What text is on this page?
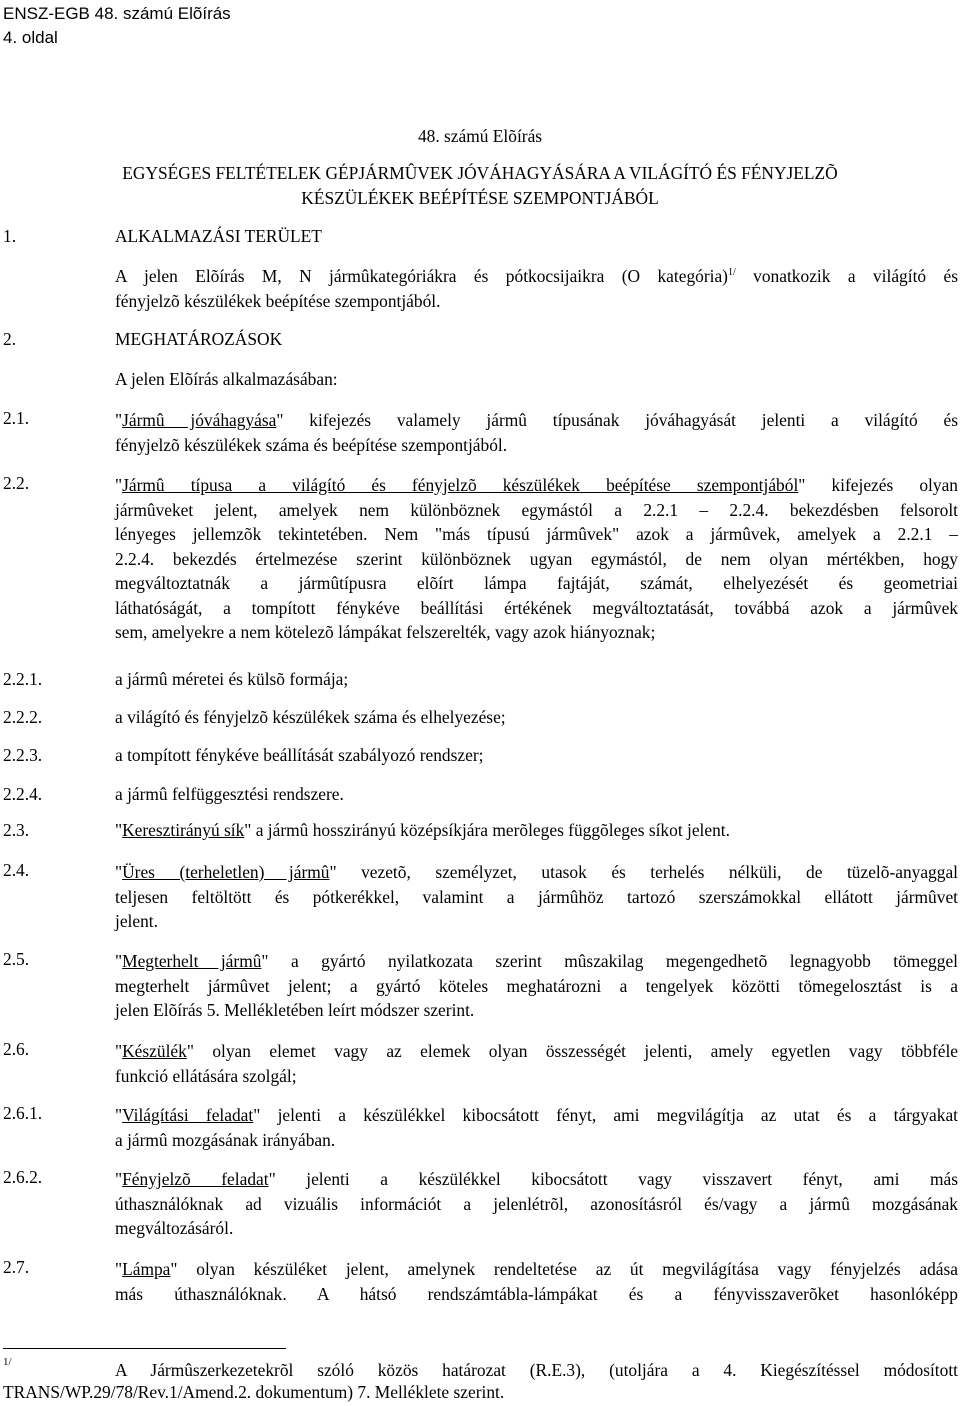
ENSZ-EGB 48. számú Elõírás
4. oldal
48. számú Elõírás
EGYSÉGES FELTÉTELEK GÉPJÁRMÛVEK JÓVÁHAGYÁSÁRA A VILÁGÍTÓ ÉS FÉNYJELZÕ
KÉSZÜLÉKEK BEÉPÍTÉSE SZEMPONTJÁBÓL
1.	ALKALMAZÁSI TERÜLET
A jelen Elõírás M, N jármûkategóriákra és pótkocsijaikra (O kategória)$^{1/}$ vonatkozik a világító és
fényjelzõ készülékek beépítése szempontjából.
2.	MEGHATÁROZÁSOK
A jelen Elõírás alkalmazásában:
2.1.	"Jármû jóváhagyása" kifejezés valamely jármû típusának jóváhagyását jelenti a világító és
fényjelzõ készülékek száma és beépítése szempontjából.
2.2.	"Jármû típusa a világító és fényjelzõ készülékek beépítése szempontjából" kifejezés olyan
jármûveket jelent, amelyek nem különböznek egymástól a 2.2.1 – 2.2.4. bekezdésben felsorolt
lényeges jellemzõk tekintetében. Nem "más típusú jármûvek" azok a jármûvek, amelyek a 2.2.1 –
2.2.4. bekezdés értelmezése szerint különböznek ugyan egymástól, de nem olyan mértékben, hogy
megváltoztatnák a jármûtípusra elõírt lámpa fajtáját, számát, elhelyezését és geometriai
láthatóságát, a tompított fénykéve beállítási értékének megváltoztatását, továbbá azok a jármûvek
sem, amelyekre a nem kötelezõ lámpákat felszerelték, vagy azok hiányoznak;
2.2.1.	a jármû méretei és külsõ formája;
2.2.2.	a világító és fényjelzõ készülékek száma és elhelyezése;
2.2.3.	a tompított fénykéve beállítását szabályozó rendszer;
2.2.4.	a jármû felfüggesztési rendszere.
2.3.	"Keresztirányú sík" a jármû hosszirányú középsíkjára merõleges függõleges síkot jelent.
2.4.	"Üres (terheletlen) jármû" vezetõ, személyzet, utasok és terhelés nélküli, de tüzelõ-anyaggal
teljesen feltöltött és pótkerékkel, valamint a jármûhöz tartozó szerszámokkal ellátott jármûvet
jelent.
2.5.	"Megterhelt jármû" a gyártó nyilatkozata szerint mûszakilag megengedhetõ legnagyobb tömeggel
megterhelt jármûvet jelent; a gyártó köteles meghatározni a tengelyek közötti tömegelosztást is a
jelen Elõírás 5. Mellékletében leírt módszer szerint.
2.6.	"Készülék" olyan elemet vagy az elemek olyan összességét jelenti, amely egyetlen vagy többféle
funkció ellátására szolgál;
2.6.1.	"Világítási feladat" jelenti a készülékkel kibocsátott fényt, ami megvilágítja az utat és a tárgyakat
a jármû mozgásának irányában.
2.6.2.	"Fényjelzõ feladat" jelenti a készülékkel kibocsátott vagy visszavert fényt, ami más
úthasználóknak ad vizuális információt a jelenlétrõl, azonosításról és/vagy a jármû mozgásának
megváltozásáról.
2.7.	"Lámpa" olyan készüléket jelent, amelynek rendeltetése az út megvilágítása vagy fényjelzés adása
más úthasználóknak. A hátsó rendszámtábla-lámpákat és a fényvisszaverõket hasonlóképp
1/	A Jármûszerkezetekrõl szóló közös határozat (R.E.3), (utoljára a 4. Kiegészítéssel módosított
TRANS/WP.29/78/Rev.1/Amend.2. dokumentum) 7. Melléklete szerint.
